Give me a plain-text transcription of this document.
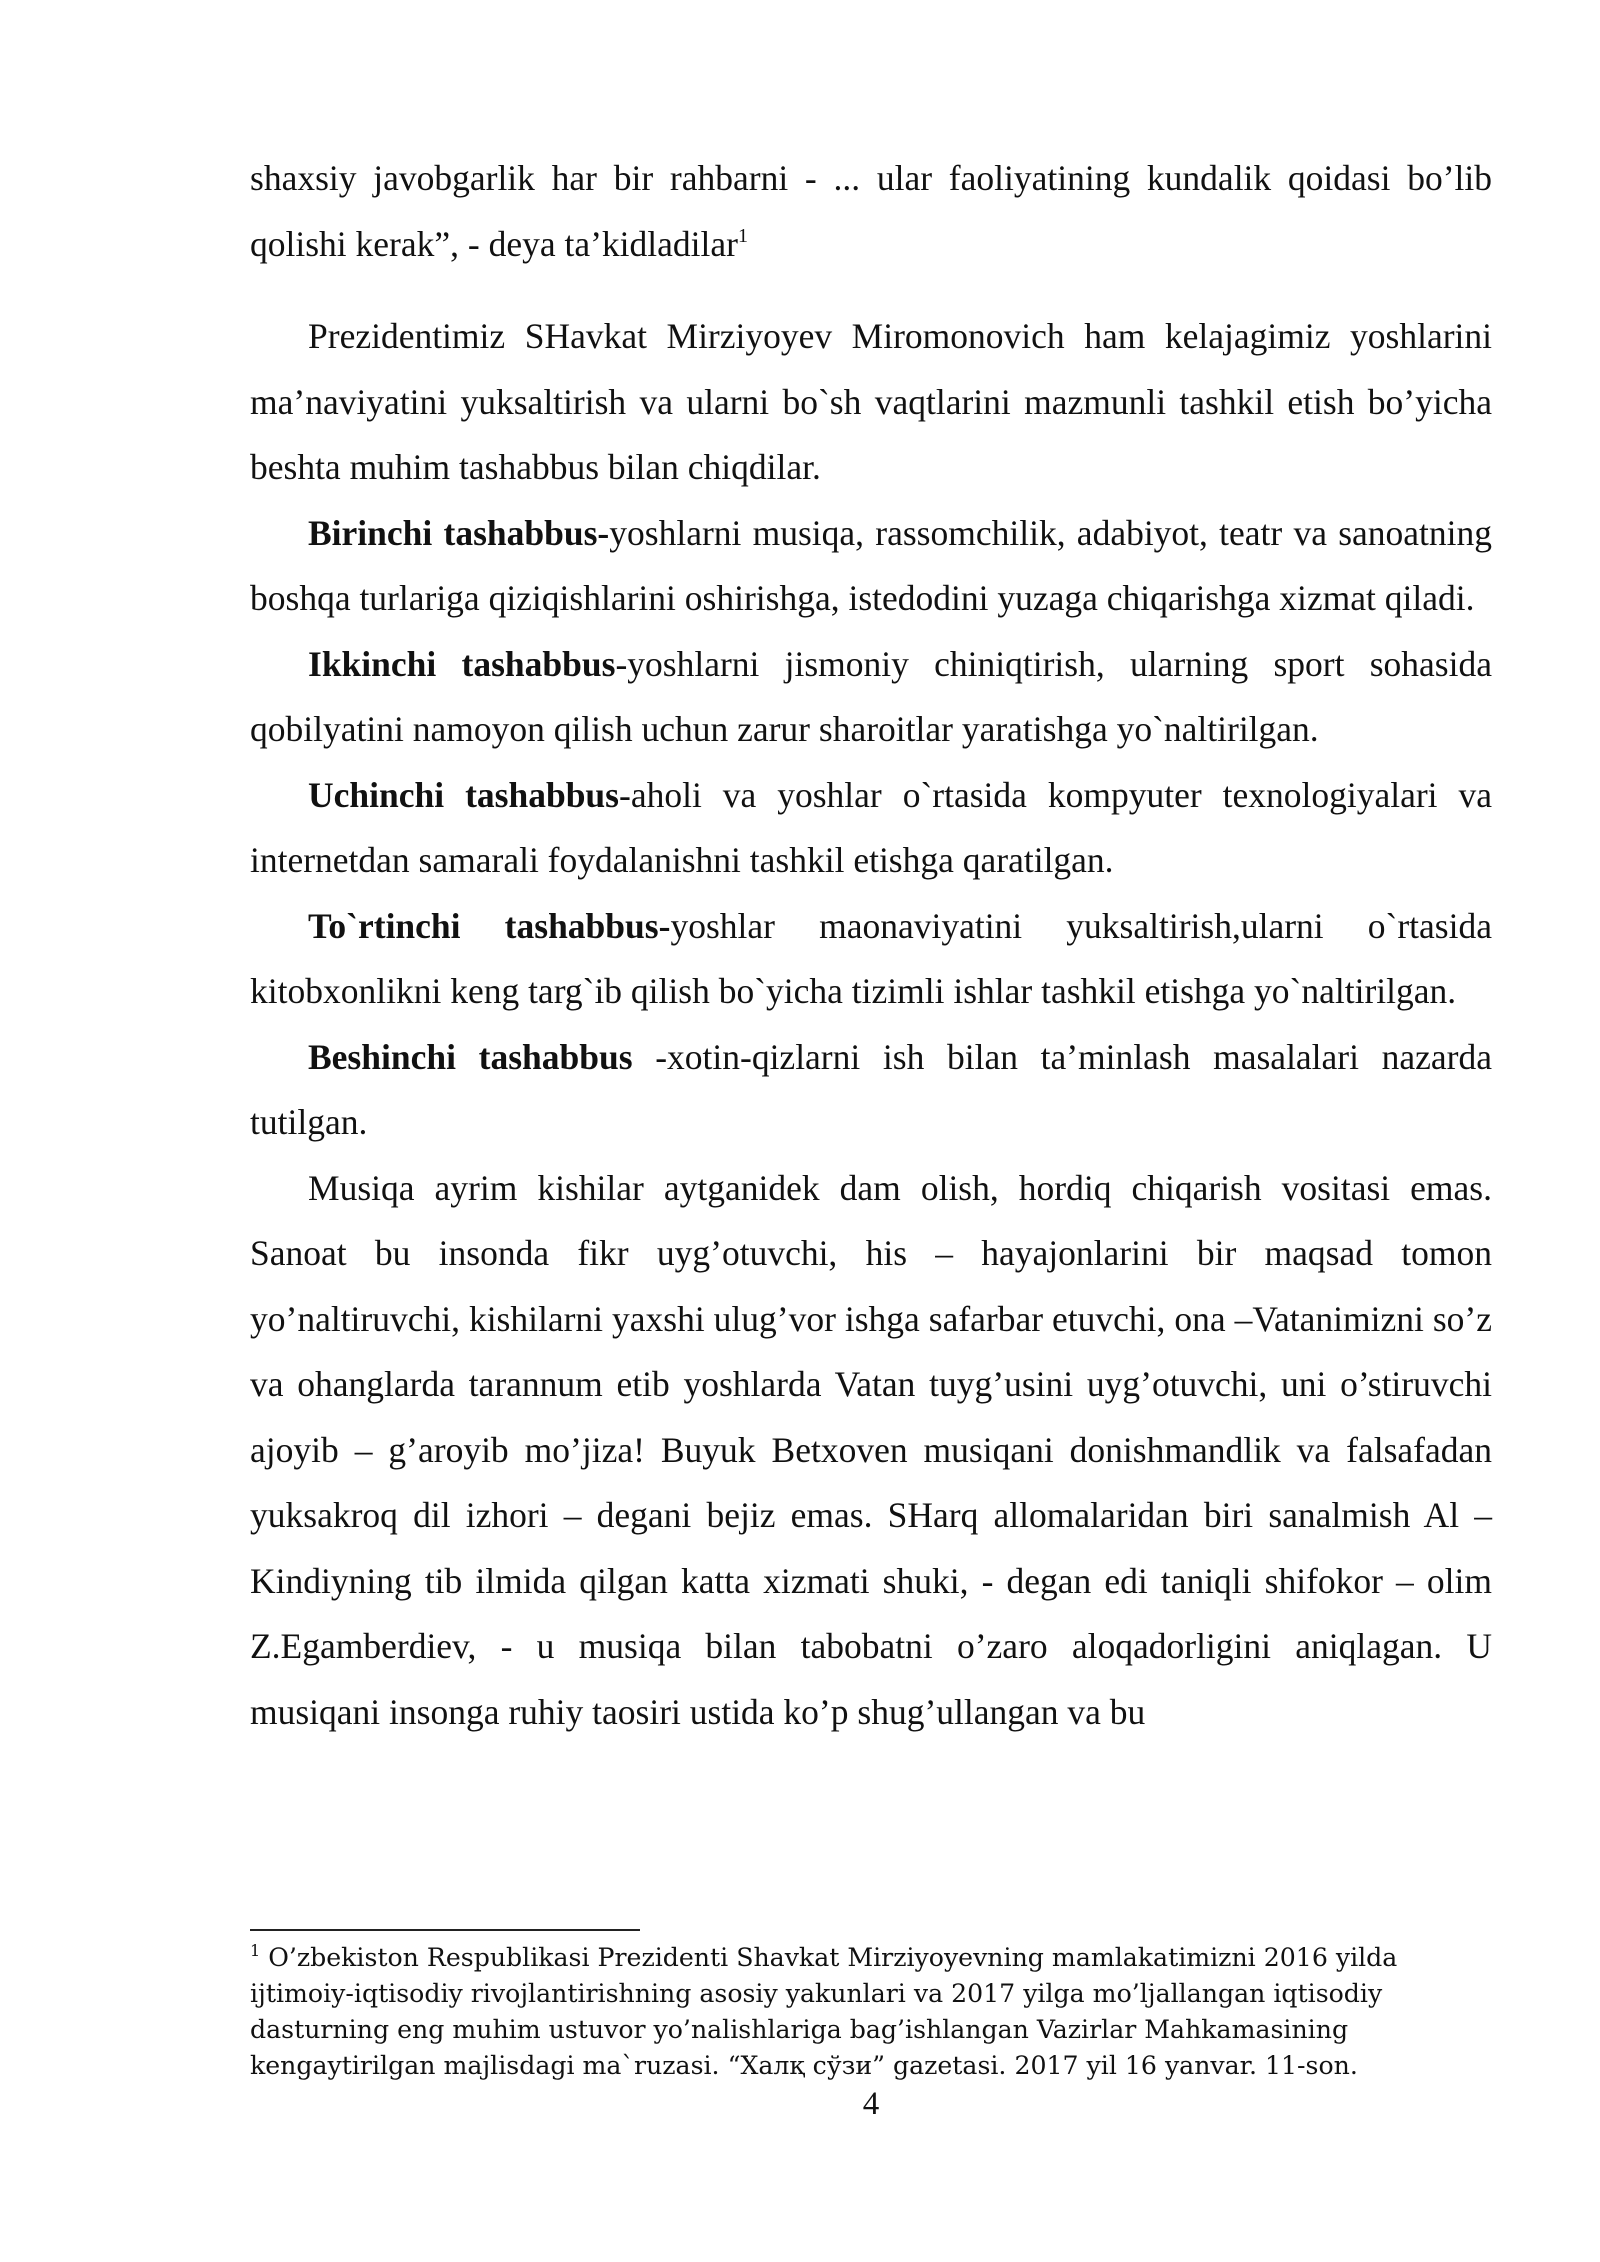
shaxsiy javobgarlik har bir rahbarni - ... ular faoliyatining kundalik qoidasi bo’lib qolishi kerak”, - deya ta’kidladilar$^1$

Prezidentimiz SHavkat Mirziyoyev Miromonovich ham kelajagimiz yoshlarini ma’naviyatini yuksaltirish va ularni bo`sh vaqtlarini mazmunli tashkil etish bo’yicha beshta muhim tashabbus bilan chiqdilar.

Birinchi tashabbus-yoshlarni musiqa, rassomchilik, adabiyot, teatr va sanoatning boshqa turlariga qiziqishlarini oshirishga, istedodini yuzaga chiqarishga xizmat qiladi.

Ikkinchi tashabbus-yoshlarni jismoniy chiniqtirish, ularning sport sohasida qobilyatini namoyon qilish uchun zarur sharoitlar yaratishga yo`naltirilgan.

Uchinchi tashabbus-aholi va yoshlar o`rtasida kompyuter texnologiyalari va internetdan samarali foydalanishni tashkil etishga qaratilgan.

To`rtinchi tashabbus-yoshlar maonaviyatini yuksaltirish,ularni o`rtasida kitobxonlikni keng targ`ib qilish bo`yicha tizimli ishlar tashkil etishga yo`naltirilgan.

Beshinchi tashabbus -xotin-qizlarni ish bilan ta’minlash masalalari nazarda tutilgan.

Musiqa ayrim kishilar aytganidek dam olish, hordiq chiqarish vositasi emas. Sanoat bu insonda fikr uyg’otuvchi, his – hayajonlarini bir maqsad tomon yo’naltiruvchi, kishilarni yaxshi ulug’vor ishga safarbar etuvchi, ona –Vatanimizni so’z va ohanglarda tarannum etib yoshlarda Vatan tuyg’usini uyg’otuvchi, uni o’stiruvchi ajoyib – g’aroyib mo’jiza! Buyuk Betxoven musiqani donishmandlik va falsafadan yuksakroq dil izhori – degani bejiz emas. SHarq allomalaridan biri sanalmish Al – Kindiyning tib ilmida qilgan katta xizmati shuki, - degan edi taniqli shifokor – olim Z.Egamberdiev, - u musiqa bilan tabobatni o’zaro aloqadorligini aniqlagan. U musiqani insonga ruhiy taosiri ustida ko’p shug’ullangan va bu

$^1$ O’zbekiston Respublikasi Prezidenti Shavkat Mirziyoyevning mamlakatimizni 2016 yilda ijtimoiy-iqtisodiy rivojlantirishning asosiy yakunlari va 2017 yilga mo’ljallangan iqtisodiy dasturning eng muhim ustuvor yo’nalishlariga bag’ishlangan Vazirlar Mahkamasining kengaytirilgan majlisdagi ma`ruzasi. “Халқ сўзи” gazetasi. 2017 yil 16 yanvar. 11-son.
4
